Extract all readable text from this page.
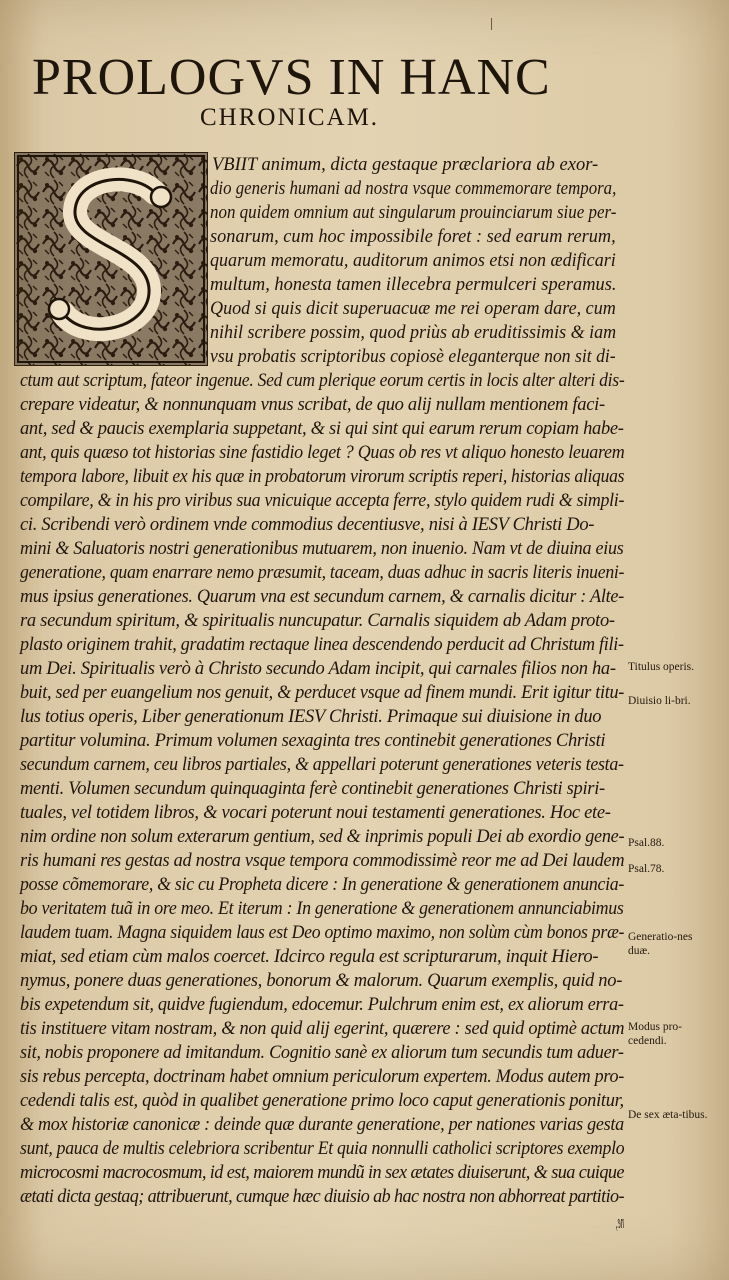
PROLOGVS IN HANC
CHRONICAM.
VBIIT animum, dicta gestaque præclariora ab exor-
dio generis humani ad nostra vsque commemorare tempora,
non quidem omnium aut singularum prouinciarum siue per-
sonarum, cum hoc impossibile foret : sed earum rerum,
quarum memoratu, auditorum animos etsi non ædificari
multum, honesta tamen illecebra permulceri speramus.
Quod si quis dicit superuacuæ me rei operam dare, cum
nihil scribere possim, quod priùs ab eruditissimis & iam
vsu probatis scriptoribus copiosè eleganterque non sit di-
ctum aut scriptum, fateor ingenue. Sed cum plerique eorum certis in locis alter alteri dis-
crepare videatur, & nonnunquam vnus scribat, de quo alij nullam mentionem faci-
ant, sed & paucis exemplaria suppetant, & si qui sint qui earum rerum copiam habe-
ant, quis quæso tot historias sine fastidio leget ? Quas ob res vt aliquo honesto leuarem
tempora labore, libuit ex his quæ in probatorum virorum scriptis reperi, historias aliquas
compilare, & in his pro viribus sua vnicuique accepta ferre, stylo quidem rudi & simpli-
ci. Scribendi verò ordinem vnde commodius decentiusve, nisi à IESV Christi Do-
mini & Saluatoris nostri generationibus mutuarem, non inuenio. Nam vt de diuina eius
generatione, quam enarrare nemo præsumit, taceam, duas adhuc in sacris literis inueni-
mus ipsius generationes. Quarum vna est secundum carnem, & carnalis dicitur : Alte-
ra secundum spiritum, & spiritualis nuncupatur. Carnalis siquidem ab Adam proto-
plasto originem trahit, gradatim rectaque linea descendendo perducit ad Christum fili-
um Dei. Spiritualis verò à Christo secundo Adam incipit, qui carnales filios non ha-
buit, sed per euangelium nos genuit, & perducet vsque ad finem mundi. Erit igitur titu-
lus totius operis, Liber generationum IESV Christi. Primaque sui diuisione in duo
partitur volumina. Primum volumen sexaginta tres continebit generationes Christi
secundum carnem, ceu libros partiales, & appellari poterunt generationes veteris testa-
menti. Volumen secundum quinquaginta ferè continebit generationes Christi spiri-
tuales, vel totidem libros, & vocari poterunt noui testamenti generationes. Hoc ete-
nim ordine non solum exterarum gentium, sed & inprimis populi Dei ab exordio gene-
ris humani res gestas ad nostra vsque tempora commodissimè reor me ad Dei laudem
posse cõmemorare, & sic cu Propheta dicere : In generatione & generationem anuncia-
bo veritatem tuã in ore meo. Et iterum : In generatione & generationem annunciabimus
laudem tuam. Magna siquidem laus est Deo optimo maximo, non solùm cùm bonos præ-
miat, sed etiam cùm malos coercet. Idcirco regula est scripturarum, inquit Hiero-
nymus, ponere duas generationes, bonorum & malorum. Quarum exemplis, quid no-
bis expetendum sit, quidve fugiendum, edocemur. Pulchrum enim est, ex aliorum erra-
tis instituere vitam nostram, & non quid alij egerint, quærere : sed quid optimè actum
sit, nobis proponere ad imitandum. Cognitio sanè ex aliorum tum secundis tum aduer-
sis rebus percepta, doctrinam habet omnium periculorum expertem. Modus autem pro-
cedendi talis est, quòd in qualibet generatione primo loco caput generationis ponitur,
& mox historiæ canonicæ : deinde quæ durante generatione, per nationes varias gesta
sunt, pauca de multis celebriora scribentur Et quia nonnulli catholici scriptores exemplo
microcosmi macrocosmum, id est, maiorem mundũ in sex ætates diuiserunt, & sua cuique
ætati dicta gestaq; attribuerunt, cumque hæc diuisio ab hac nostra non abhorreat partitio-
ne,
Titulus operis.
Diuisio li-bri.
Psal.88.
Psal.78.
Generatio-nes duæ.
Modus pro-cedendi.
De sex æta-tibus.
